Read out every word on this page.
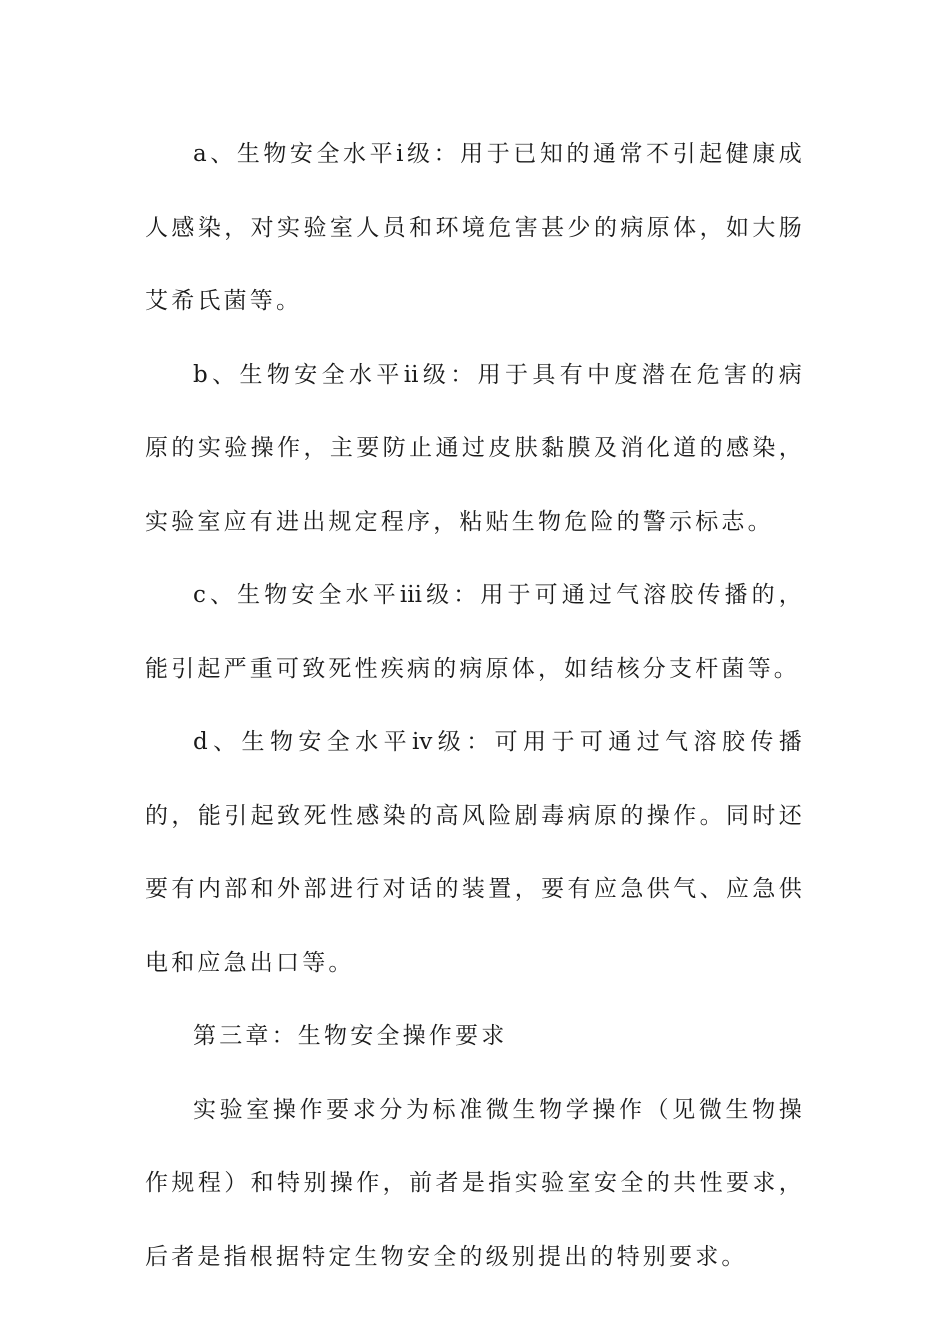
a、生物安全水平ⅰ级：用于已知的通常不引起健康成人感染，对实验室人员和环境危害甚少的病原体，如大肠艾希氏菌等。

b、生物安全水平ⅱ级：用于具有中度潜在危害的病原的实验操作，主要防止通过皮肤黏膜及消化道的感染，实验室应有进出规定程序，粘贴生物危险的警示标志。

c、生物安全水平ⅲ级：用于可通过气溶胶传播的，能引起严重可致死性疾病的病原体，如结核分支杆菌等。

d、生物安全水平ⅳ级：可用于可通过气溶胶传播的，能引起致死性感染的高风险剧毒病原的操作。同时还要有内部和外部进行对话的装置，要有应急供气、应急供电和应急出口等。

第三章：生物安全操作要求

实验室操作要求分为标准微生物学操作（见微生物操作规程）和特别操作，前者是指实验室安全的共性要求，后者是指根据特定生物安全的级别提出的特别要求。
